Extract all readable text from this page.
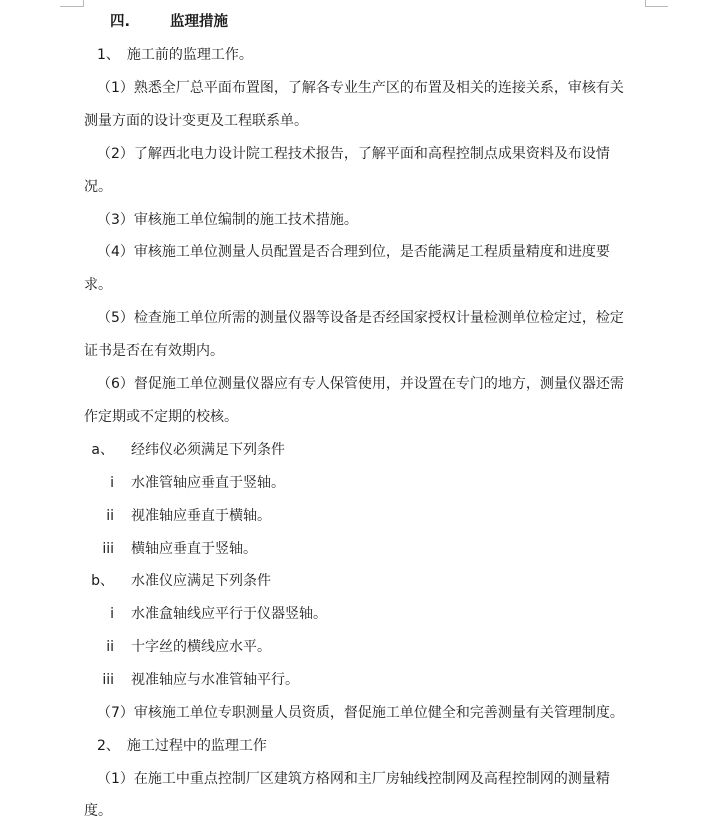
四.	监理措施
1、　施工前的监理工作。
（1）熟悉全厂总平面布置图，了解各专业生产区的布置及相关的连接关系，审核有关
测量方面的设计变更及工程联系单。
（2）了解西北电力设计院工程技术报告，了解平面和高程控制点成果资料及布设情
况。
（3）审核施工单位编制的施工技术措施。
（4）审核施工单位测量人员配置是否合理到位，是否能满足工程质量精度和进度要
求。
（5）检查施工单位所需的测量仪器等设备是否经国家授权计量检测单位检定过，检定
证书是否在有效期内。
（6）督促施工单位测量仪器应有专人保管使用，并设置在专门的地方，测量仪器还需
作定期或不定期的校核。
a、 经纬仪必须满足下列条件
i 水准管轴应垂直于竖轴。
ii 视准轴应垂直于横轴。
iii 横轴应垂直于竖轴。
b、 水准仪应满足下列条件
i 水准盒轴线应平行于仪器竖轴。
ii 十字丝的横线应水平。
iii 视准轴应与水准管轴平行。
（7）审核施工单位专职测量人员资质，督促施工单位健全和完善测量有关管理制度。
2、　施工过程中的监理工作
（1）在施工中重点控制厂区建筑方格网和主厂房轴线控制网及高程控制网的测量精
度。
